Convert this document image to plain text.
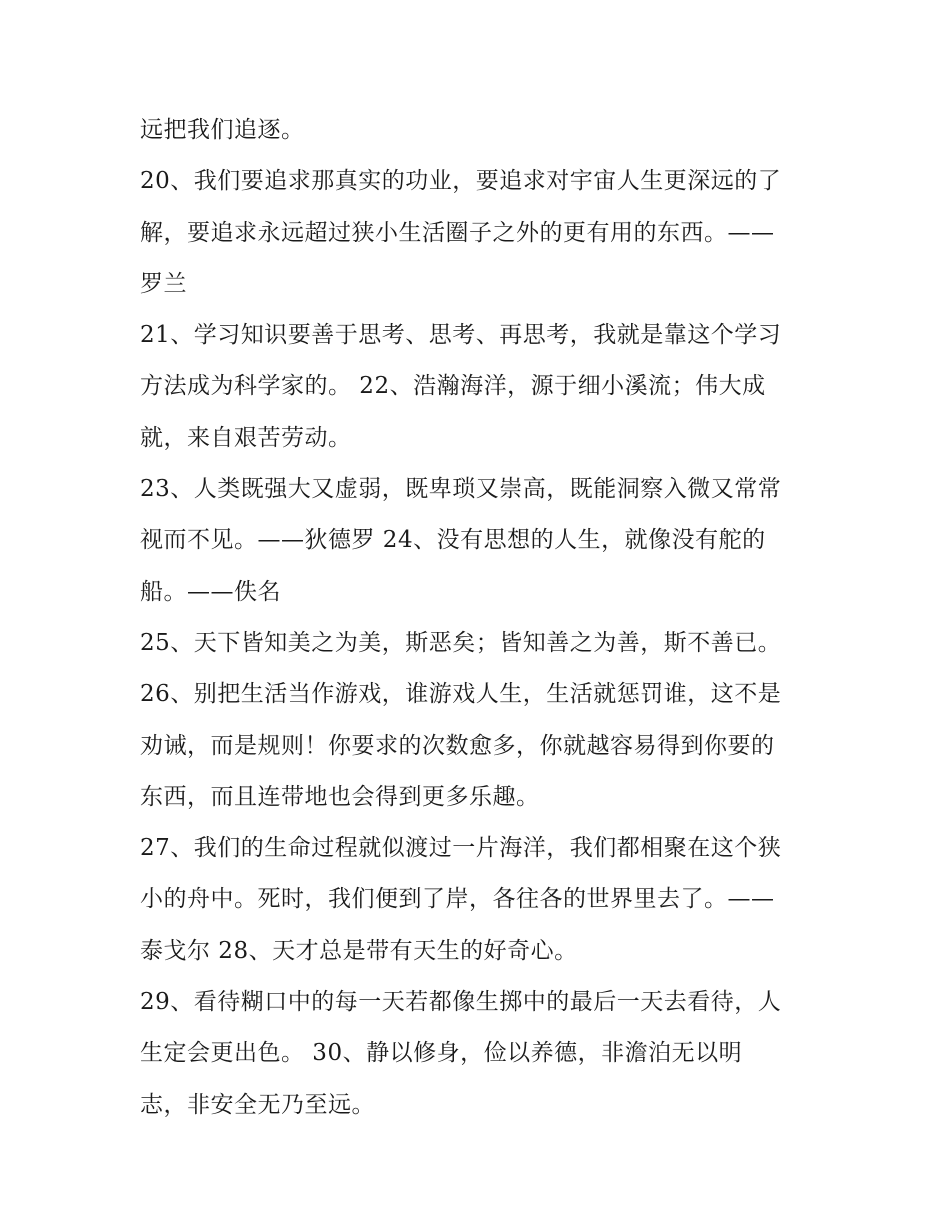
远把我们追逐。
20、我们要追求那真实的功业，要追求对宇宙人生更深远的了
解，要追求永远超过狭小生活圈子之外的更有用的东西。——
罗兰
21、学习知识要善于思考、思考、再思考，我就是靠这个学习
方法成为科学家的。 22、浩瀚海洋，源于细小溪流；伟大成
就，来自艰苦劳动。
23、人类既强大又虚弱，既卑琐又崇高，既能洞察入微又常常
视而不见。——狄德罗 24、没有思想的人生，就像没有舵的
船。——佚名
25、天下皆知美之为美，斯恶矣；皆知善之为善，斯不善已。
26、别把生活当作游戏，谁游戏人生，生活就惩罚谁，这不是
劝诫，而是规则！你要求的次数愈多，你就越容易得到你要的
东西，而且连带地也会得到更多乐趣。
27、我们的生命过程就似渡过一片海洋，我们都相聚在这个狭
小的舟中。死时，我们便到了岸，各往各的世界里去了。——
泰戈尔 28、天才总是带有天生的好奇心。
29、看待糊口中的每一天若都像生掷中的最后一天去看待，人
生定会更出色。 30、静以修身，俭以养德，非澹泊无以明
志，非安全无乃至远。
